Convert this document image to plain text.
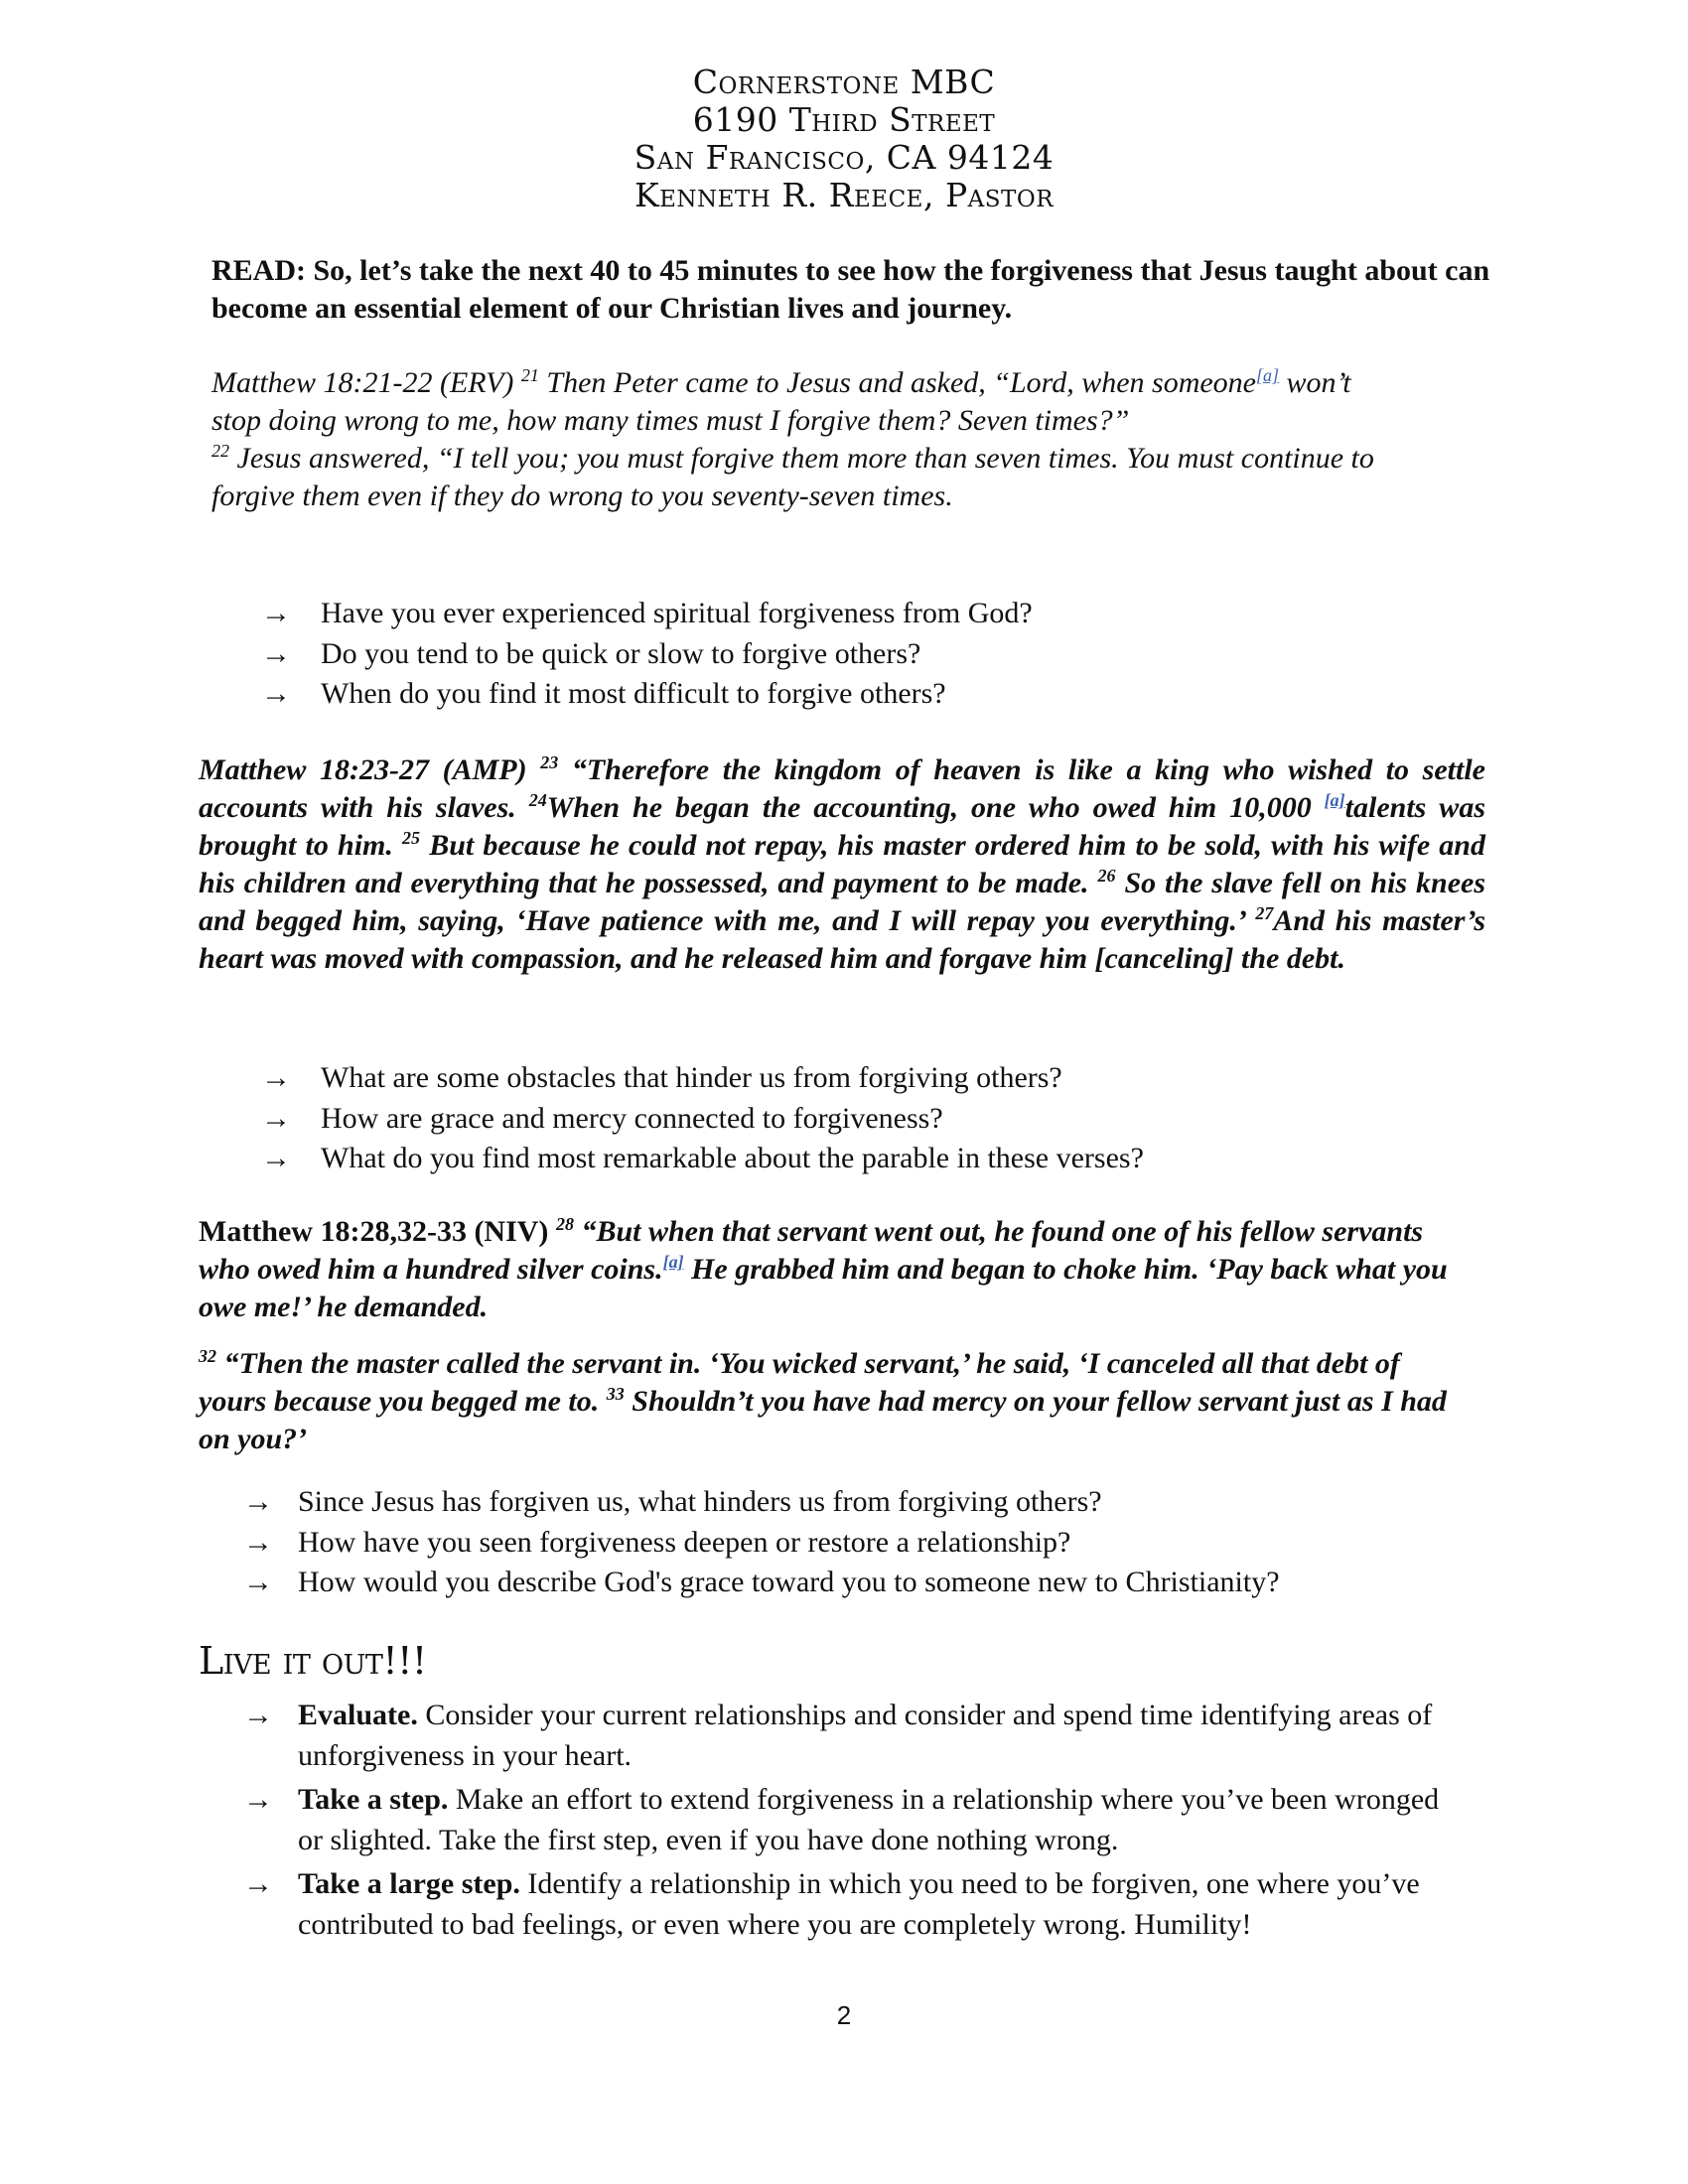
Cornerstone MBC
6190 Third Street
San Francisco, CA 94124
Kenneth R. Reece, Pastor
READ: So, let’s take the next 40 to 45 minutes to see how the forgiveness that Jesus taught about can become an essential element of our Christian lives and journey.
Matthew 18:21-22 (ERV) $^{21}$ Then Peter came to Jesus and asked, “Lord, when someone[a] won’t stop doing wrong to me, how many times must I forgive them? Seven times?”
$^{22}$ Jesus answered, “I tell you; you must forgive them more than seven times. You must continue to forgive them even if they do wrong to you seventy-seven times.
→	Have you ever experienced spiritual forgiveness from God?
→	Do you tend to be quick or slow to forgive others?
→	When do you find it most difficult to forgive others?
Matthew 18:23-27 (AMP) $^{23}$ “Therefore the kingdom of heaven is like a king who wished to settle accounts with his slaves. $^{24}$When he began the accounting, one who owed him 10,000 [a]talents was brought to him. $^{25}$ But because he could not repay, his master ordered him to be sold, with his wife and his children and everything that he possessed, and payment to be made. $^{26}$ So the slave fell on his knees and begged him, saying, ‘Have patience with me, and I will repay you everything.’ $^{27}$And his master’s heart was moved with compassion, and he released him and forgave him [canceling] the debt.
→	What are some obstacles that hinder us from forgiving others?
→	How are grace and mercy connected to forgiveness?
→	What do you find most remarkable about the parable in these verses?
Matthew 18:28,32-33 (NIV) $^{28}$ “But when that servant went out, he found one of his fellow servants who owed him a hundred silver coins.[a] He grabbed him and began to choke him. ‘Pay back what you owe me!’ he demanded.
$^{32}$ “Then the master called the servant in. ‘You wicked servant,’ he said, ‘I canceled all that debt of yours because you begged me to. $^{33}$ Shouldn’t you have had mercy on your fellow servant just as I had on you?’
→ Since Jesus has forgiven us, what hinders us from forgiving others?
→ How have you seen forgiveness deepen or restore a relationship?
→ How would you describe God's grace toward you to someone new to Christianity?
Live it out!!!
→ Evaluate. Consider your current relationships and consider and spend time identifying areas of unforgiveness in your heart.
→ Take a step. Make an effort to extend forgiveness in a relationship where you’ve been wronged or slighted. Take the first step, even if you have done nothing wrong.
→ Take a large step. Identify a relationship in which you need to be forgiven, one where you’ve contributed to bad feelings, or even where you are completely wrong. Humility!
2
